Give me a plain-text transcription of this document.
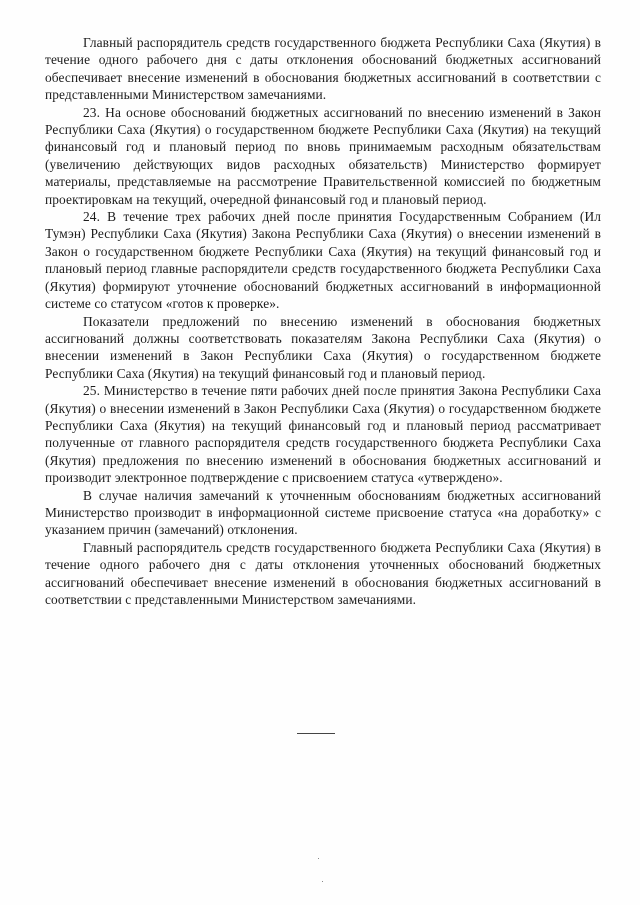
Главный распорядитель средств государственного бюджета Республики Саха (Якутия) в течение одного рабочего дня с даты отклонения обоснований бюджетных ассигнований обеспечивает внесение изменений в обоснования бюджетных ассигнований в соответствии с представленными Министерством замечаниями.

23. На основе обоснований бюджетных ассигнований по внесению изменений в Закон Республики Саха (Якутия) о государственном бюджете Республики Саха (Якутия) на текущий финансовый год и плановый период по вновь принимаемым расходным обязательствам (увеличению действующих видов расходных обязательств) Министерство формирует материалы, представляемые на рассмотрение Правительственной комиссией по бюджетным проектировкам на текущий, очередной финансовый год и плановый период.

24. В течение трех рабочих дней после принятия Государственным Собранием (Ил Тумэн) Республики Саха (Якутия) Закона Республики Саха (Якутия) о внесении изменений в Закон о государственном бюджете Республики Саха (Якутия) на текущий финансовый год и плановый период главные распорядители средств государственного бюджета Республики Саха (Якутия) формируют уточнение обоснований бюджетных ассигнований в информационной системе со статусом «готов к проверке».

Показатели предложений по внесению изменений в обоснования бюджетных ассигнований должны соответствовать показателям Закона Республики Саха (Якутия) о внесении изменений в Закон Республики Саха (Якутия) о государственном бюджете Республики Саха (Якутия) на текущий финансовый год и плановый период.

25. Министерство в течение пяти рабочих дней после принятия Закона Республики Саха (Якутия) о внесении изменений в Закон Республики Саха (Якутия) о государственном бюджете Республики Саха (Якутия) на текущий финансовый год и плановый период рассматривает полученные от главного распорядителя средств государственного бюджета Республики Саха (Якутия) предложения по внесению изменений в обоснования бюджетных ассигнований и производит электронное подтверждение с присвоением статуса «утверждено».

В случае наличия замечаний к уточненным обоснованиям бюджетных ассигнований Министерство производит в информационной системе присвоение статуса «на доработку» с указанием причин (замечаний) отклонения.

Главный распорядитель средств государственного бюджета Республики Саха (Якутия) в течение одного рабочего дня с даты отклонения уточненных обоснований бюджетных ассигнований обеспечивает внесение изменений в обоснования бюджетных ассигнований в соответствии с представленными Министерством замечаниями.
